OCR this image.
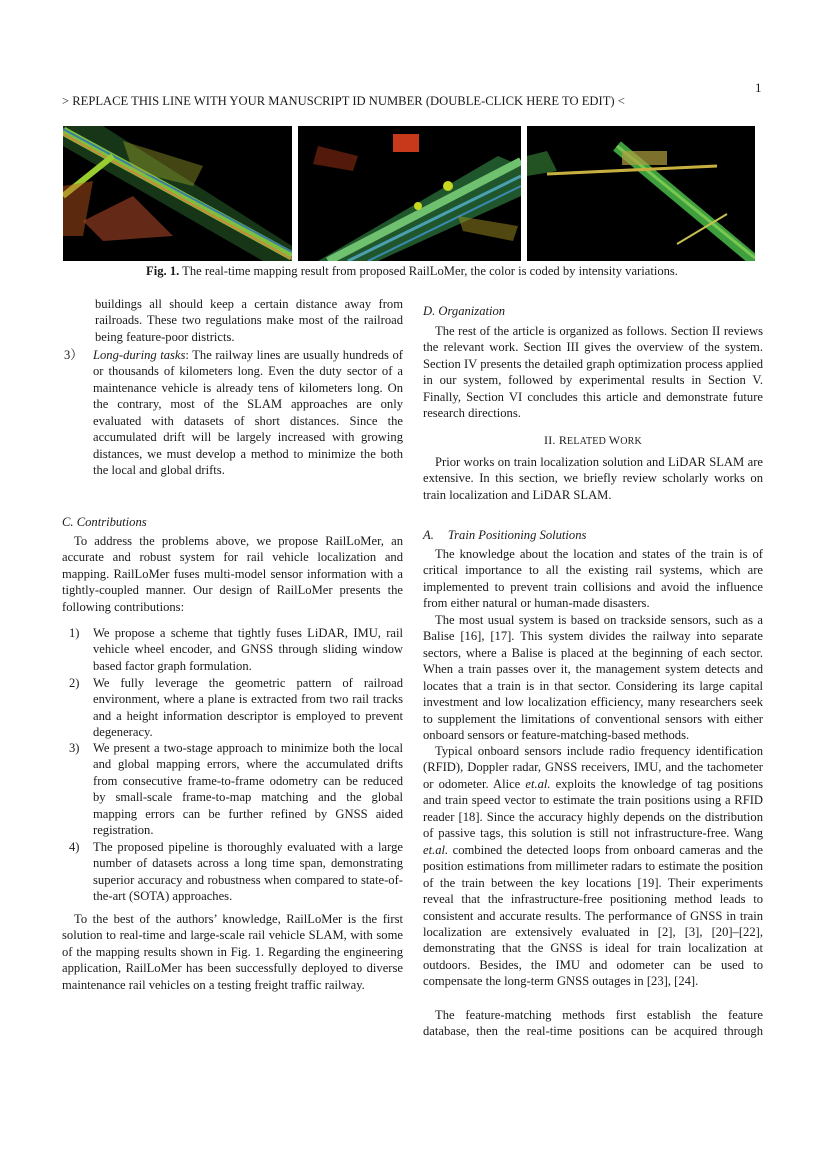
1
> REPLACE THIS LINE WITH YOUR MANUSCRIPT ID NUMBER (DOUBLE-CLICK HERE TO EDIT) <
Fig. 1. The real-time mapping result from proposed RailLoMer, the color is coded by intensity variations.
buildings all should keep a certain distance away from railroads. These two regulations make most of the railroad being feature-poor districts.
3） Long-during tasks: The railway lines are usually hundreds of or thousands of kilometers long. Even the duty sector of a maintenance vehicle is already tens of kilometers long. On the contrary, most of the SLAM approaches are only evaluated with datasets of short distances. Since the accumulated drift will be largely increased with growing distances, we must develop a method to minimize the both the local and global drifts.
C. Contributions
To address the problems above, we propose RailLoMer, an accurate and robust system for rail vehicle localization and mapping. RailLoMer fuses multi-model sensor information with a tightly-coupled manner. Our design of RailLoMer presents the following contributions:
1) We propose a scheme that tightly fuses LiDAR, IMU, rail vehicle wheel encoder, and GNSS through sliding window based factor graph formulation.
2) We fully leverage the geometric pattern of railroad environment, where a plane is extracted from two rail tracks and a height information descriptor is employed to prevent degeneracy.
3) We present a two-stage approach to minimize both the local and global mapping errors, where the accumulated drifts from consecutive frame-to-frame odometry can be reduced by small-scale frame-to-map matching and the global mapping errors can be further refined by GNSS aided registration.
4) The proposed pipeline is thoroughly evaluated with a large number of datasets across a long time span, demonstrating superior accuracy and robustness when compared to state-of-the-art (SOTA) approaches.
To the best of the authors’ knowledge, RailLoMer is the first solution to real-time and large-scale rail vehicle SLAM, with some of the mapping results shown in Fig. 1. Regarding the engineering application, RailLoMer has been successfully deployed to diverse maintenance rail vehicles on a testing freight traffic railway.
D. Organization
The rest of the article is organized as follows. Section II reviews the relevant work. Section III gives the overview of the system. Section IV presents the detailed graph optimization process applied in our system, followed by experimental results in Section V. Finally, Section VI concludes this article and demonstrate future research directions.
II. RELATED WORK
Prior works on train localization solution and LiDAR SLAM are extensive. In this section, we briefly review scholarly works on train localization and LiDAR SLAM.
A. Train Positioning Solutions
The knowledge about the location and states of the train is of critical importance to all the existing rail systems, which are implemented to prevent train collisions and avoid the influence from either natural or human-made disasters.
The most usual system is based on trackside sensors, such as a Balise [16], [17]. This system divides the railway into separate sectors, where a Balise is placed at the beginning of each sector. When a train passes over it, the management system detects and locates that a train is in that sector. Considering its large capital investment and low localization efficiency, many researchers seek to supplement the limitations of conventional sensors with either onboard sensors or feature-matching-based methods.
Typical onboard sensors include radio frequency identification (RFID), Doppler radar, GNSS receivers, IMU, and the tachometer or odometer. Alice et.al. exploits the knowledge of tag positions and train speed vector to estimate the train positions using a RFID reader [18]. Since the accuracy highly depends on the distribution of passive tags, this solution is still not infrastructure-free. Wang et.al. combined the detected loops from onboard cameras and the position estimations from millimeter radars to estimate the position of the train between the key locations [19]. Their experiments reveal that the infrastructure-free positioning method leads to consistent and accurate results. The performance of GNSS in train localization are extensively evaluated in [2], [3], [20]–[22], demonstrating that the GNSS is ideal for train localization at outdoors. Besides, the IMU and odometer can be used to compensate the long-term GNSS outages in [23], [24].
The feature-matching methods first establish the feature database, then the real-time positions can be acquired through
